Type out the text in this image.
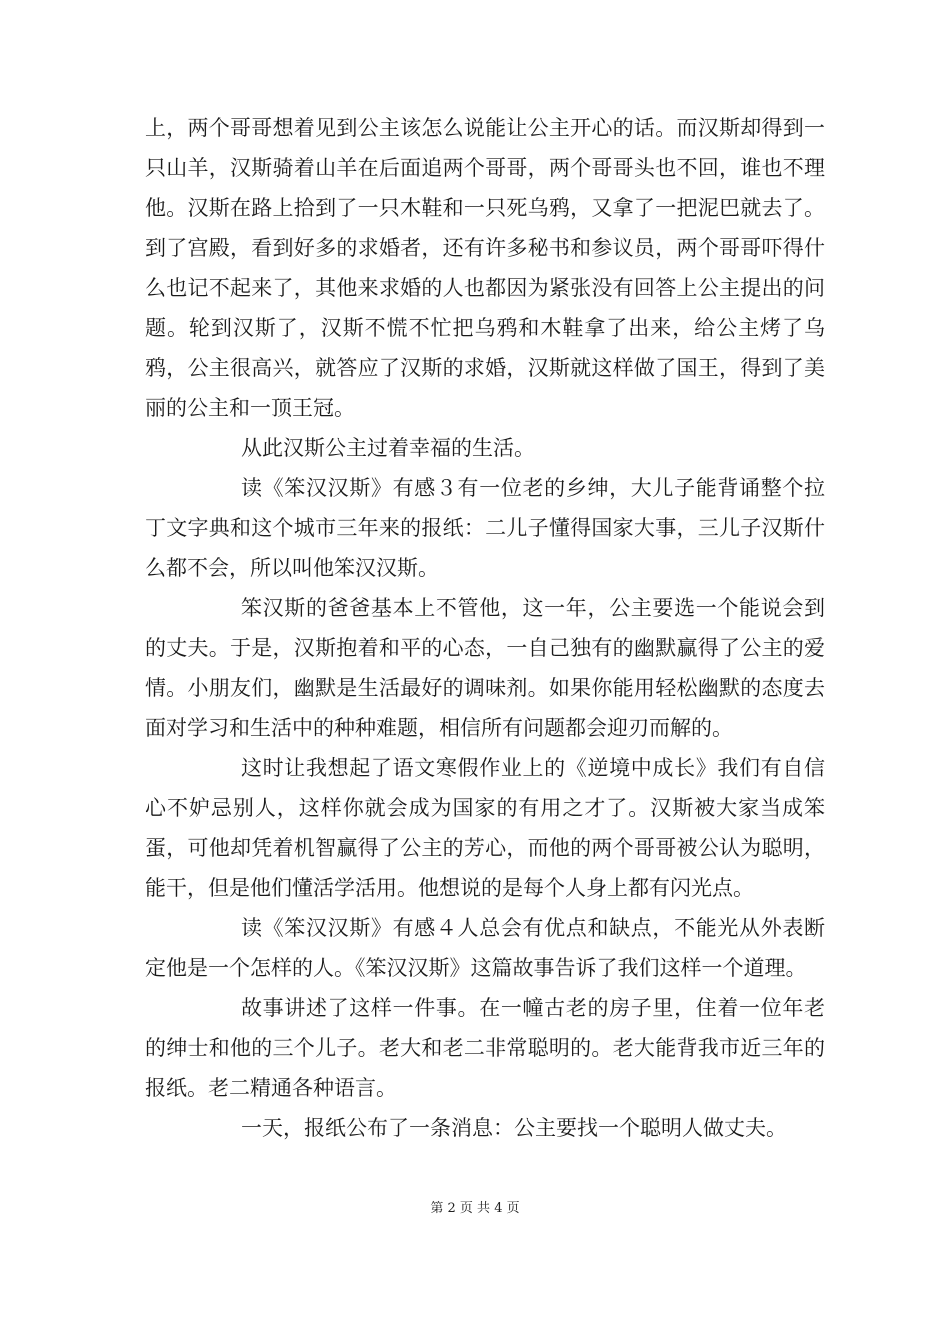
上，两个哥哥想着见到公主该怎么说能让公主开心的话。而汉斯却得到一只山羊，汉斯骑着山羊在后面追两个哥哥，两个哥哥头也不回，谁也不理他。汉斯在路上拾到了一只木鞋和一只死乌鸦，又拿了一把泥巴就去了。到了宫殿，看到好多的求婚者，还有许多秘书和参议员，两个哥哥吓得什么也记不起来了，其他来求婚的人也都因为紧张没有回答上公主提出的问题。轮到汉斯了，汉斯不慌不忙把乌鸦和木鞋拿了出来，给公主烤了乌鸦，公主很高兴，就答应了汉斯的求婚，汉斯就这样做了国王，得到了美丽的公主和一顶王冠。

从此汉斯公主过着幸福的生活。

读《笨汉汉斯》有感３有一位老的乡绅，大儿子能背诵整个拉丁文字典和这个城市三年来的报纸：二儿子懂得国家大事，三儿子汉斯什么都不会，所以叫他笨汉汉斯。

笨汉斯的爸爸基本上不管他，这一年，公主要选一个能说会到的丈夫。于是，汉斯抱着和平的心态，一自己独有的幽默赢得了公主的爱情。小朋友们，幽默是生活最好的调味剂。如果你能用轻松幽默的态度去面对学习和生活中的种种难题，相信所有问题都会迎刃而解的。

这时让我想起了语文寒假作业上的《逆境中成长》我们有自信心不妒忌别人，这样你就会成为国家的有用之才了。汉斯被大家当成笨蛋，可他却凭着机智赢得了公主的芳心，而他的两个哥哥被公认为聪明，能干，但是他们懂活学活用。他想说的是每个人身上都有闪光点。

读《笨汉汉斯》有感４人总会有优点和缺点，不能光从外表断定他是一个怎样的人。《笨汉汉斯》这篇故事告诉了我们这样一个道理。

故事讲述了这样一件事。在一幢古老的房子里，住着一位年老的绅士和他的三个儿子。老大和老二非常聪明的。老大能背我市近三年的报纸。老二精通各种语言。

一天，报纸公布了一条消息：公主要找一个聪明人做丈夫。

第 2 页 共 4 页
